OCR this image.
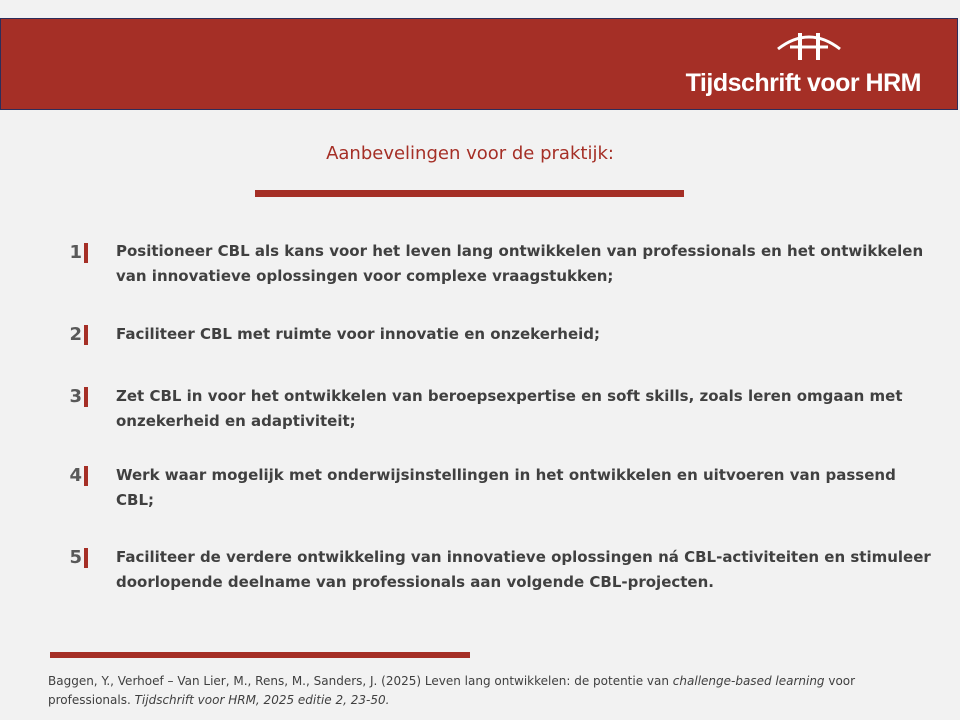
Tijdschrift voor HRM
Aanbevelingen voor de praktijk:
1 Positioneer CBL als kans voor het leven lang ontwikkelen van professionals en het ontwikkelen van innovatieve oplossingen voor complexe vraagstukken;
2 Faciliteer CBL met ruimte voor innovatie en onzekerheid;
3 Zet CBL in voor het ontwikkelen van beroepsexpertise en soft skills, zoals leren omgaan met onzekerheid en adaptiviteit;
4 Werk waar mogelijk met onderwijsinstellingen in het ontwikkelen en uitvoeren van passend CBL;
5 Faciliteer de verdere ontwikkeling van innovatieve oplossingen ná CBL-activiteiten en stimuleer doorlopende deelname van professionals aan volgende CBL-projecten.
Baggen, Y., Verhoef – Van Lier, M., Rens, M., Sanders, J. (2025) Leven lang ontwikkelen: de potentie van challenge-based learning voor professionals. Tijdschrift voor HRM, 2025 editie 2, 23-50.
